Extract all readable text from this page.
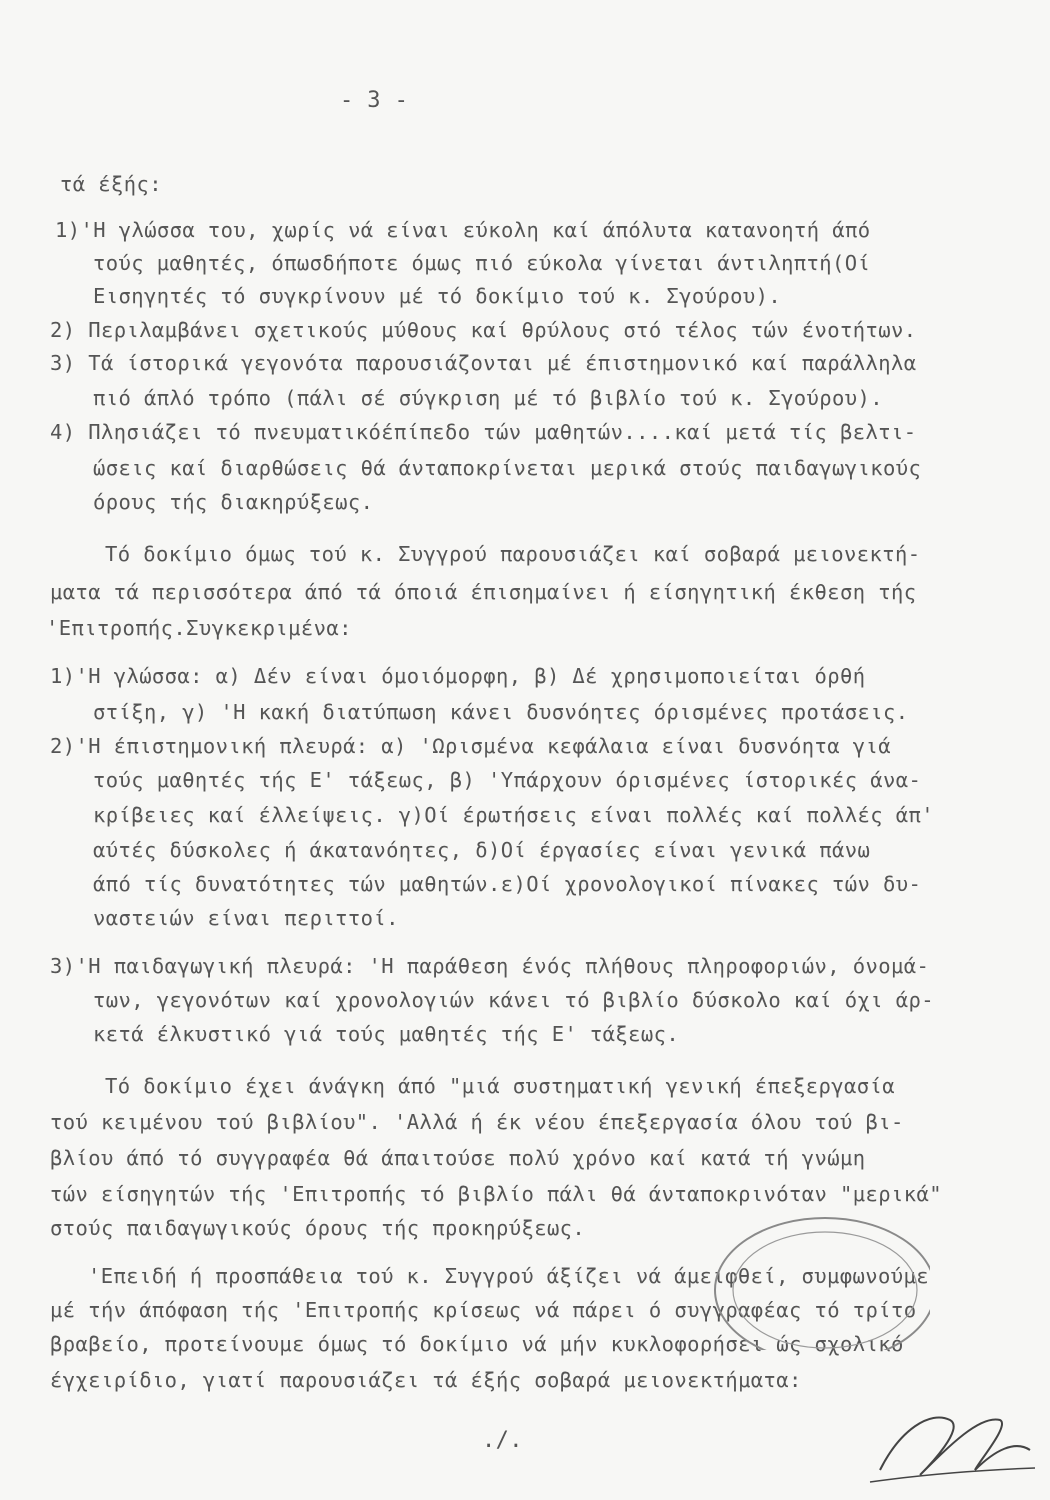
- 3 -
τά έξής:
1)'Η γλώσσα του, χωρίς νά είναι εύκολη καί άπόλυτα κατανοητή άπό
τούς μαθητές, όπωσδήποτε όμως πιό εύκολα γίνεται άντιληπτή(Οί
Εισηγητές τό συγκρίνουν μέ τό δοκίμιο τού κ. Σγούρου).
2) Περιλαμβάνει σχετικούς μύθους καί θρύλους στό τέλος τών ένοτήτων.
3) Τά ίστορικά γεγονότα παρουσιάζονται μέ έπιστημονικό καί παράλληλα
πιό άπλό τρόπο (πάλι σέ σύγκριση μέ τό βιβλίο τού κ. Σγούρου).
4) Πλησιάζει τό πνευματικόέπίπεδο τών μαθητών....καί μετά τίς βελτι-
ώσεις καί διαρθώσεις θά άνταποκρίνεται μερικά στούς παιδαγωγικούς
όρους τής διακηρύξεως.
Τό δοκίμιο όμως τού κ. Συγγρού παρουσιάζει καί σοβαρά μειονεκτή-
ματα τά περισσότερα άπό τά όποιά έπισημαίνει ή είσηγητική έκθεση τής
'Επιτροπής.Συγκεκριμένα:
1)'Η γλώσσα: α) Δέν είναι όμοιόμορφη, β) Δέ χρησιμοποιείται όρθή
στίξη, γ) 'Η κακή διατύπωση κάνει δυσνόητες όρισμένες προτάσεις.
2)'Η έπιστημονική πλευρά: α) 'Ωρισμένα κεφάλαια είναι δυσνόητα γιά
τούς μαθητές τής Ε' τάξεως, β) 'Υπάρχουν όρισμένες ίστορικές άνα-
κρίβειες καί έλλείψεις. γ)Οί έρωτήσεις είναι πολλές καί πολλές άπ'
αύτές δύσκολες ή άκατανόητες, δ)Οί έργασίες είναι γενικά πάνω
άπό τίς δυνατότητες τών μαθητών.ε)Οί χρονολογικοί πίνακες τών δυ-
ναστειών είναι περιττοί.
3)'Η παιδαγωγική πλευρά: 'Η παράθεση ένός πλήθους πληροφοριών, όνομά-
των, γεγονότων καί χρονολογιών κάνει τό βιβλίο δύσκολο καί όχι άρ-
κετά έλκυστικό γιά τούς μαθητές τής Ε' τάξεως.
Τό δοκίμιο έχει άνάγκη άπό "μιά συστηματική γενική έπεξεργασία
τού κειμένου τού βιβλίου". 'Αλλά ή έκ νέου έπεξεργασία όλου τού βι-
βλίου άπό τό συγγραφέα θά άπαιτούσε πολύ χρόνο καί κατά τή γνώμη
τών είσηγητών τής 'Επιτροπής τό βιβλίο πάλι θά άνταποκρινόταν "μερικά"
στούς παιδαγωγικούς όρους τής προκηρύξεως.
'Επειδή ή προσπάθεια τού κ. Συγγρού άξίζει νά άμειφθεί, συμφωνούμε
μέ τήν άπόφαση τής 'Επιτροπής κρίσεως νά πάρει ό συγγραφέας τό τρίτο
βραβείο, προτείνουμε όμως τό δοκίμιο νά μήν κυκλοφορήσει ώς σχολικό
έγχειρίδιο, γιατί παρουσιάζει τά έξής σοβαρά μειονεκτήματα:
./.
